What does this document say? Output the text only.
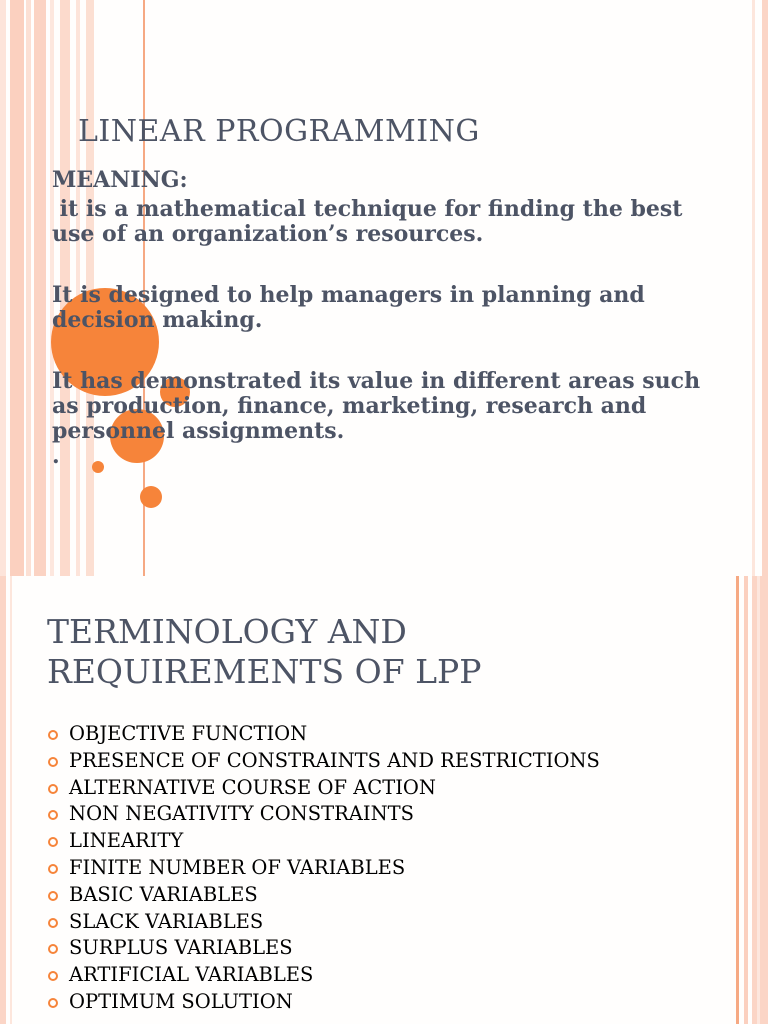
LINEAR PROGRAMMING

MEANING:

it is a mathematical technique for finding the best use of an organization’s resources.

It is designed to help managers in planning and decision making.

It has demonstrated its value in different areas such as production, finance, marketing, research and personnel assignments.

.

TERMINOLOGY AND
REQUIREMENTS OF LPP
OBJECTIVE FUNCTION
PRESENCE OF CONSTRAINTS AND RESTRICTIONS
ALTERNATIVE COURSE OF ACTION
NON NEGATIVITY CONSTRAINTS
LINEARITY
FINITE NUMBER OF VARIABLES
BASIC VARIABLES
SLACK VARIABLES
SURPLUS VARIABLES
ARTIFICIAL VARIABLES
OPTIMUM SOLUTION
